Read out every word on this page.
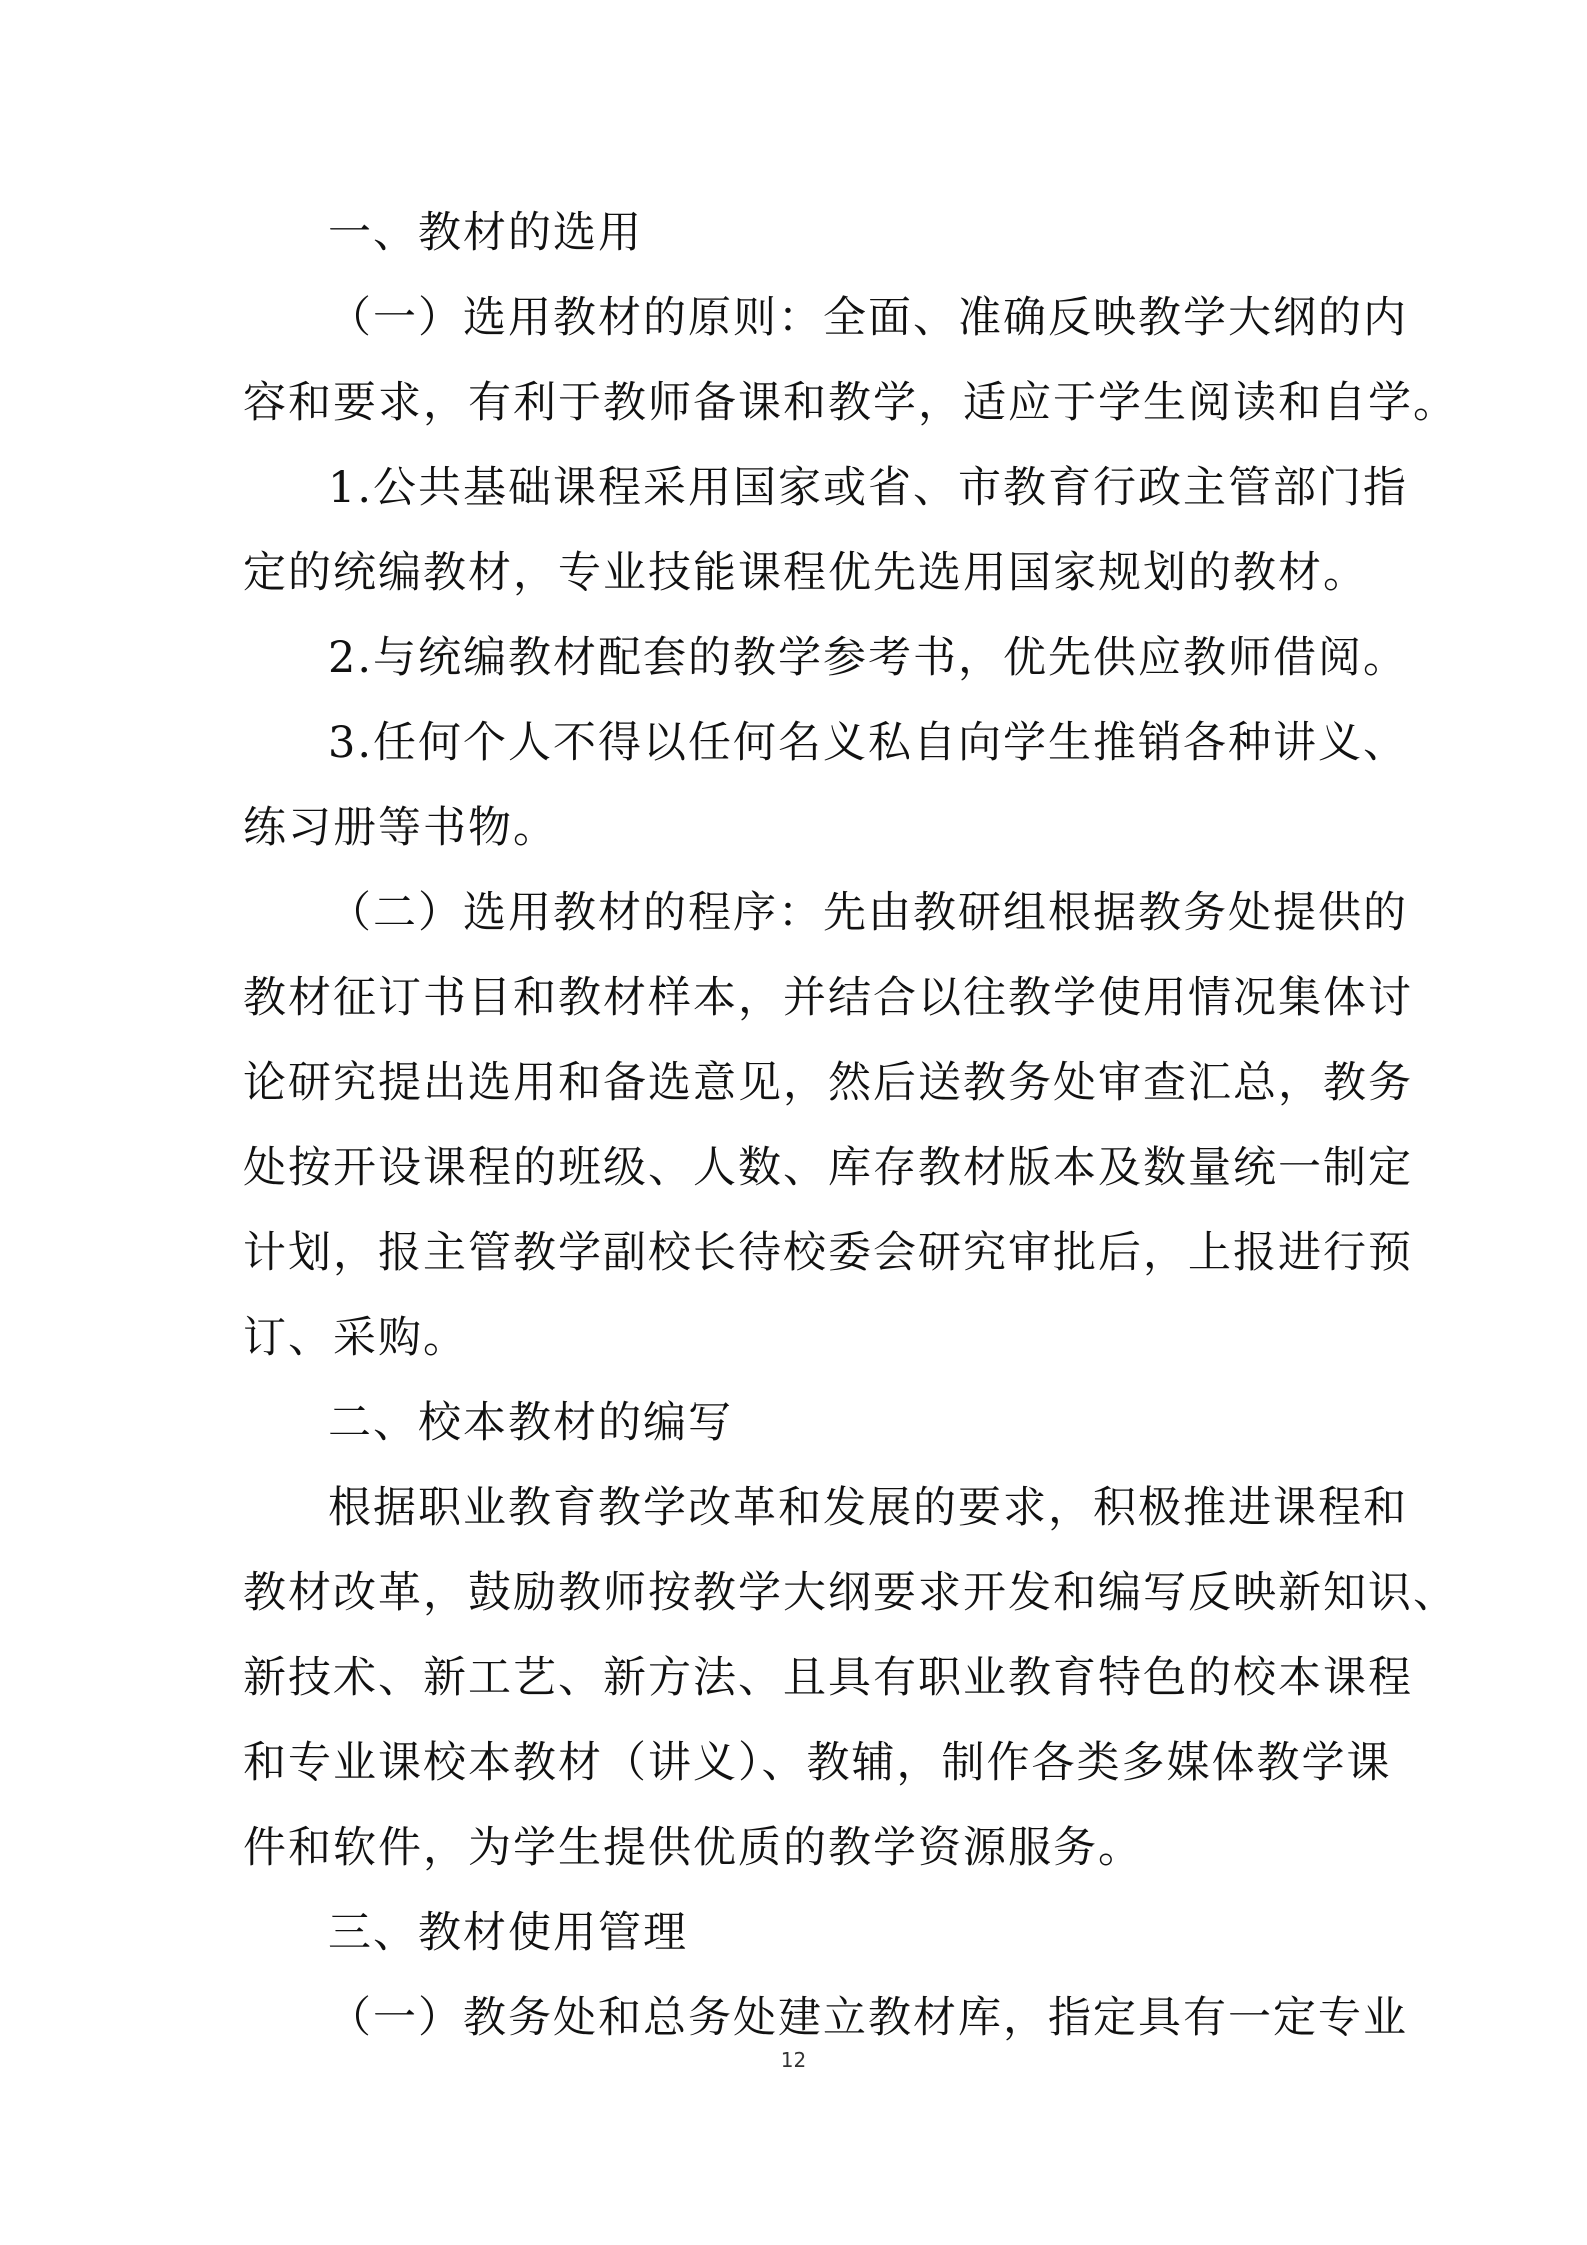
一、教材的选用
（一）选用教材的原则：全面、准确反映教学大纲的内
容和要求，有利于教师备课和教学，适应于学生阅读和自学。
1.公共基础课程采用国家或省、市教育行政主管部门指
定的统编教材，专业技能课程优先选用国家规划的教材。
2.与统编教材配套的教学参考书，优先供应教师借阅。
3.任何个人不得以任何名义私自向学生推销各种讲义、
练习册等书物。
（二）选用教材的程序：先由教研组根据教务处提供的
教材征订书目和教材样本，并结合以往教学使用情况集体讨
论研究提出选用和备选意见，然后送教务处审查汇总，教务
处按开设课程的班级、人数、库存教材版本及数量统一制定
计划，报主管教学副校长待校委会研究审批后，上报进行预
订、采购。
二、校本教材的编写
根据职业教育教学改革和发展的要求，积极推进课程和
教材改革，鼓励教师按教学大纲要求开发和编写反映新知识、
新技术、新工艺、新方法、且具有职业教育特色的校本课程
和专业课校本教材（讲义）、教辅，制作各类多媒体教学课
件和软件，为学生提供优质的教学资源服务。
三、教材使用管理
（一）教务处和总务处建立教材库，指定具有一定专业
12
